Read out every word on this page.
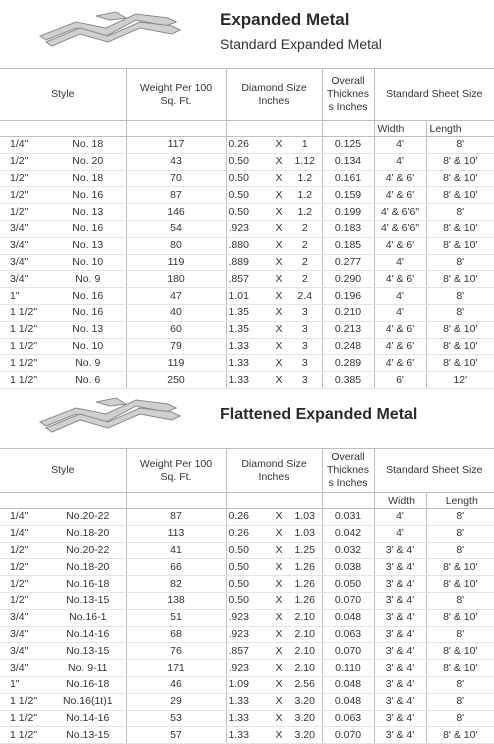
Expanded Metal
Standard Expanded Metal
Style		Weight Per 100 Sq. Ft.	Diamond Size Inches			Overall Thicknes s Inches	Standard Sheet Size	
							Width	Length
1/4"	No. 18	117	0.26	X	1	0.125	4'	8'
1/2"	No. 20	43	0.50	X	1.12	0.134	4'	8' & 10'
1/2"	No. 18	70	0.50	X	1.2	0.161	4' & 6'	8' & 10'
1/2"	No. 16	87	0.50	X	1.2	0.159	4' & 6'	8' & 10'
1/2"	No. 13	146	0.50	X	1.2	0.199	4' & 6'6"	8'
3/4"	No. 16	54	.923	X	2	0.183	4' & 6'6"	8' & 10'
3/4"	No. 13	80	.880	X	2	0.185	4' & 6'	8' & 10'
3/4"	No. 10	119	.889	X	2	0.277	4'	8'
3/4"	No. 9	180	.857	X	2	0.290	4' & 6'	8' & 10'
1"	No. 16	47	1.01	X	2.4	0.196	4'	8'
1 1/2"	No. 16	40	1.35	X	3	0.210	4'	8'
1 1/2"	No. 13	60	1.35	X	3	0.213	4' & 6'	8' & 10'
1 1/2"	No. 10	79	1.33	X	3	0.248	4' & 6'	8' & 10'
1 1/2"	No. 9	119	1.33	X	3	0.289	4' & 6'	8' & 10'
1 1/2"	No. 6	250	1.33	X	3	0.385	6'	12'
Flattened Expanded Metal
Style		Weight Per 100 Sq. Ft.	Diamond Size Inches			Overall Thicknes s Inches	Standard Sheet Size	
							Width	Length
1/4"	No.20-22	87	0.26	X	1.03	0.031	4'	8'
1/4"	No.18-20	113	0.26	X	1.03	0.042	4'	8'
1/2"	No.20-22	41	0.50	X	1.25	0.032	3' & 4'	8'
1/2"	No.18-20	66	0.50	X	1.26	0.038	3' & 4'	8' & 10'
1/2"	No.16-18	82	0.50	X	1.26	0.050	3' & 4'	8' & 10'
1/2"	No.13-15	138	0.50	X	1.26	0.070	3' & 4'	8'
3/4"	No.16-1	51	.923	X	2.10	0.048	3' & 4'	8' & 10'
3/4"	No.14-16	68	.923	X	2.10	0.063	3' & 4'	8'
3/4"	No.13-15	76	.857	X	2.10	0.070	3' & 4'	8' & 10'
3/4"	No. 9-11	171	.923	X	2.10	0.110	3' & 4'	8' & 10'
1"	No.16-18	46	1.09	X	2.56	0.048	3' & 4'	8'
1 1/2"	No.16(1t)1	29	1.33	X	3.20	0.048	3' & 4'	8'
1 1/2"	No.14-16	53	1.33	X	3.20	0.063	3' & 4'	8'
1 1/2"	No.13-15	57	1.33	X	3.20	0.070	3' & 4'	8' & 10'
